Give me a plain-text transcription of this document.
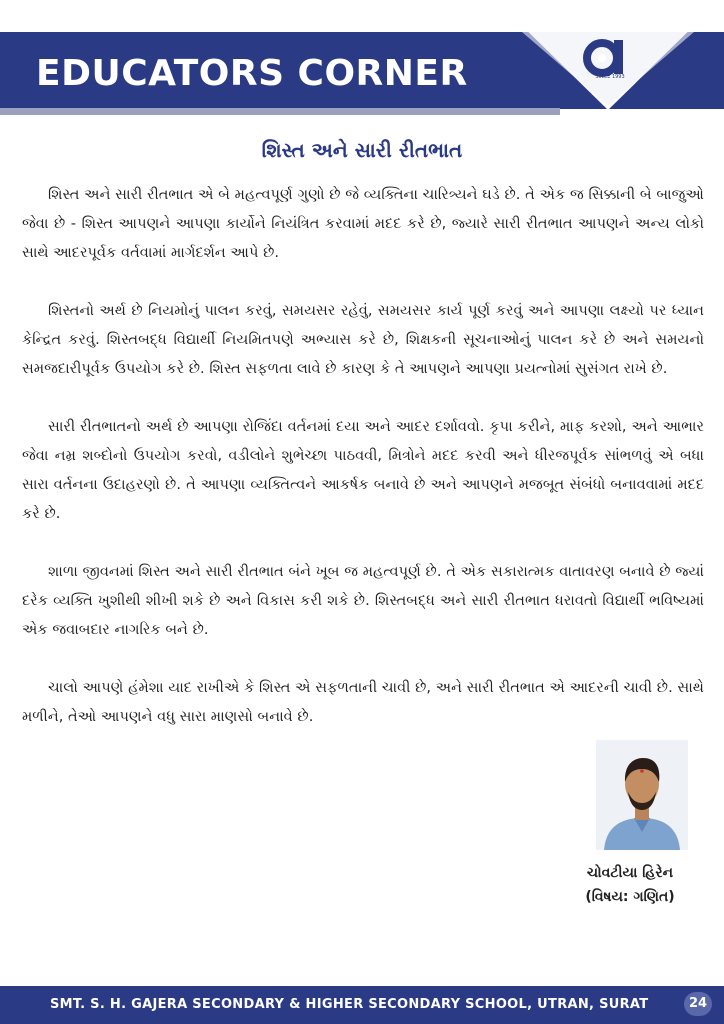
EDUCATORS CORNER	SINCE 1993
શિસ્ત અને સારી રીતભાત

શિસ્ત અને સારી રીતભાત એ બે મહત્વપૂર્ણ ગુણો છે જે વ્યક્તિના ચારિત્ર્યને ઘડે છે. તે એક જ સિક્કાની બે બાજુઓ જેવા છે - શિસ્ત આપણને આપણા કાર્યોને નિયંત્રિત કરવામાં મદદ કરે છે, જ્યારે સારી રીતભાત આપણને અન્ય લોકો સાથે આદરપૂર્વક વર્તવામાં માર્ગદર્શન આપે છે.

શિસ્તનો અર્થ છે નિયમોનું પાલન કરવું, સમયસર રહેવું, સમયસર કાર્ય પૂર્ણ કરવું અને આપણા લક્ષ્યો પર ધ્યાન કેન્દ્રિત કરવું. શિસ્તબદ્ધ વિદ્યાર્થી નિયમિતપણે અભ્યાસ કરે છે, શિક્ષકની સૂચનાઓનું પાલન કરે છે અને સમયનો સમજદારીપૂર્વક ઉપયોગ કરે છે. શિસ્ત સફળતા લાવે છે કારણ કે તે આપણને આપણા પ્રયત્નોમાં સુસંગત રાખે છે.

સારી રીતભાતનો અર્થ છે આપણા રોજિંદા વર્તનમાં દયા અને આદર દર્શાવવો. કૃપા કરીને, માફ કરશો, અને આભાર જેવા નમ્ર શબ્દોનો ઉપયોગ કરવો, વડીલોને શુભેચ્છા પાઠવવી, મિત્રોને મદદ કરવી અને ધીરજપૂર્વક સાંભળવું એ બધા સારા વર્તનના ઉદાહરણો છે. તે આપણા વ્યક્તિત્વને આકર્ષક બનાવે છે અને આપણને મજબૂત સંબંધો બનાવવામાં મદદ કરે છે.

શાળા જીવનમાં શિસ્ત અને સારી રીતભાત બંને ખૂબ જ મહત્વપૂર્ણ છે. તે એક સકારાત્મક વાતાવરણ બનાવે છે જ્યાં દરેક વ્યક્તિ ખુશીથી શીખી શકે છે અને વિકાસ કરી શકે છે. શિસ્તબદ્ધ અને સારી રીતભાત ધરાવતો વિદ્યાર્થી ભવિષ્યમાં એક જવાબદાર નાગરિક બને છે.

ચાલો આપણે હંમેશા યાદ રાખીએ કે શિસ્ત એ સફળતાની ચાવી છે, અને સારી રીતભાત એ આદરની ચાવી છે. સાથે મળીને, તેઓ આપણને વધુ સારા માણસો બનાવે છે.

ચોવટીયા હિરેન
(વિષય: ગણિત)
SMT. S. H. GAJERA SECONDARY & HIGHER SECONDARY SCHOOL, UTRAN, SURAT	24
